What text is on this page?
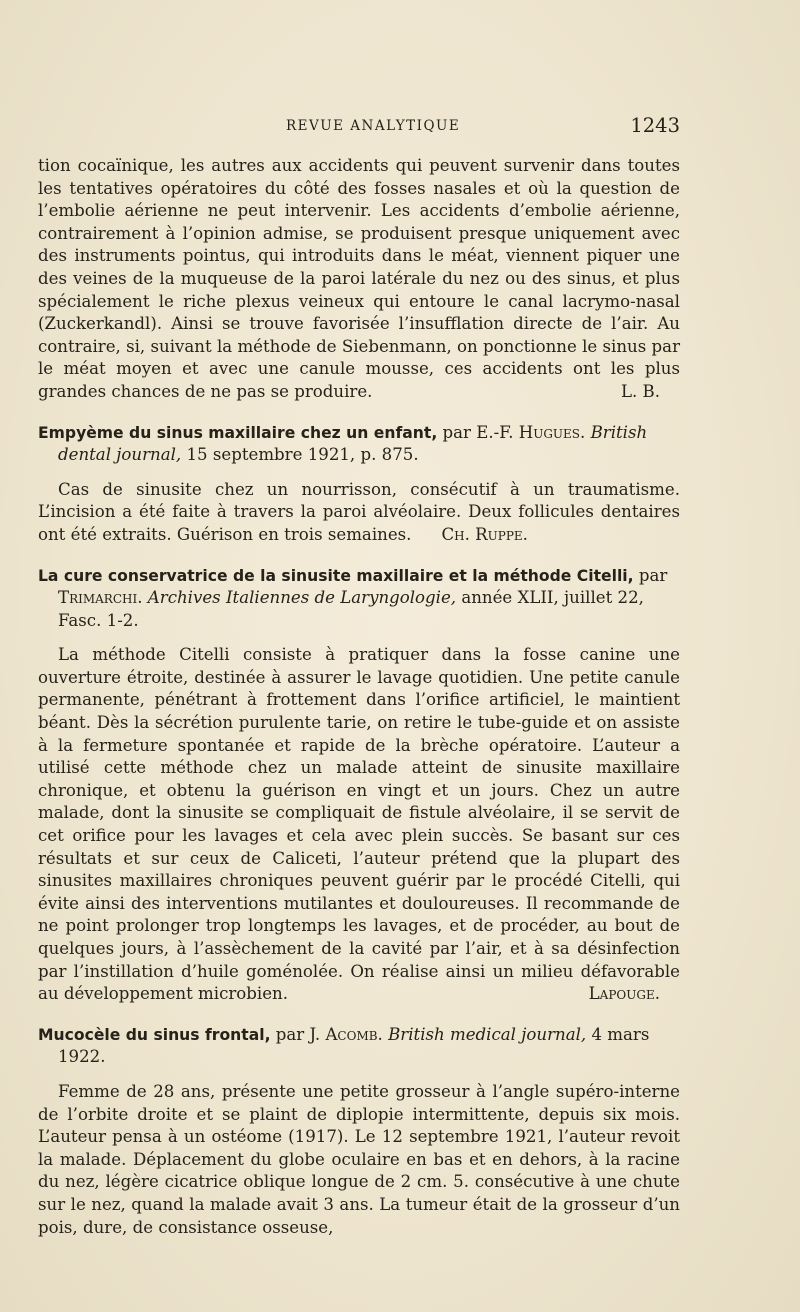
REVUE ANALYTIQUE	1243

tion cocaïnique, les autres aux accidents qui peuvent survenir dans toutes les tentatives opératoires du côté des fosses nasales et où la question de l’embolie aérienne ne peut intervenir. Les accidents d’embolie aérienne, contrairement à l’opinion admise, se produisent presque uniquement avec des instruments pointus, qui introduits dans le méat, viennent piquer une des veines de la muqueuse de la paroi latérale du nez ou des sinus, et plus spécialement le riche plexus veineux qui entoure le canal lacrymo-nasal (Zuckerkandl). Ainsi se trouve favorisée l’insufflation directe de l’air. Au contraire, si, suivant la méthode de Siebenmann, on ponctionne le sinus par le méat moyen et avec une canule mousse, ces accidents ont les plus grandes chances de ne pas se produire.	L. B.

Empyème du sinus maxillaire chez un enfant, par E.-F. Hugues. British dental journal, 15 septembre 1921, p. 875.

Cas de sinusite chez un nourrisson, consécutif à un traumatisme. L’incision a été faite à travers la paroi alvéolaire. Deux follicules dentaires ont été extraits. Guérison en trois semaines. Ch. Ruppe.

La cure conservatrice de la sinusite maxillaire et la méthode Citelli, par Trimarchi. Archives Italiennes de Laryngologie, année XLII, juillet 22, Fasc. 1-2.

La méthode Citelli consiste à pratiquer dans la fosse canine une ouverture étroite, destinée à assurer le lavage quotidien. Une petite canule permanente, pénétrant à frottement dans l’orifice artificiel, le maintient béant. Dès la sécrétion purulente tarie, on retire le tube-guide et on assiste à la fermeture spontanée et rapide de la brèche opératoire. L’auteur a utilisé cette méthode chez un malade atteint de sinusite maxillaire chronique, et obtenu la guérison en vingt et un jours. Chez un autre malade, dont la sinusite se compliquait de fistule alvéolaire, il se servit de cet orifice pour les lavages et cela avec plein succès. Se basant sur ces résultats et sur ceux de Caliceti, l’auteur prétend que la plupart des sinusites maxillaires chroniques peuvent guérir par le procédé Citelli, qui évite ainsi des interventions mutilantes et douloureuses. Il recommande de ne point prolonger trop longtemps les lavages, et de procéder, au bout de quelques jours, à l’assèchement de la cavité par l’air, et à sa désinfection par l’instillation d’huile goménolée. On réalise ainsi un milieu défavorable au développement microbien.	Lapouge.

Mucocèle du sinus frontal, par J. Acomb. British medical journal, 4 mars 1922.

Femme de 28 ans, présente une petite grosseur à l’angle supéro-interne de l’orbite droite et se plaint de diplopie intermittente, depuis six mois. L’auteur pensa à un ostéome (1917). Le 12 septembre 1921, l’auteur revoit la malade. Déplacement du globe oculaire en bas et en dehors, à la racine du nez, légère cicatrice oblique longue de 2 cm. 5. consécutive à une chute sur le nez, quand la malade avait 3 ans. La tumeur était de la grosseur d’un pois, dure, de consistance osseuse,
